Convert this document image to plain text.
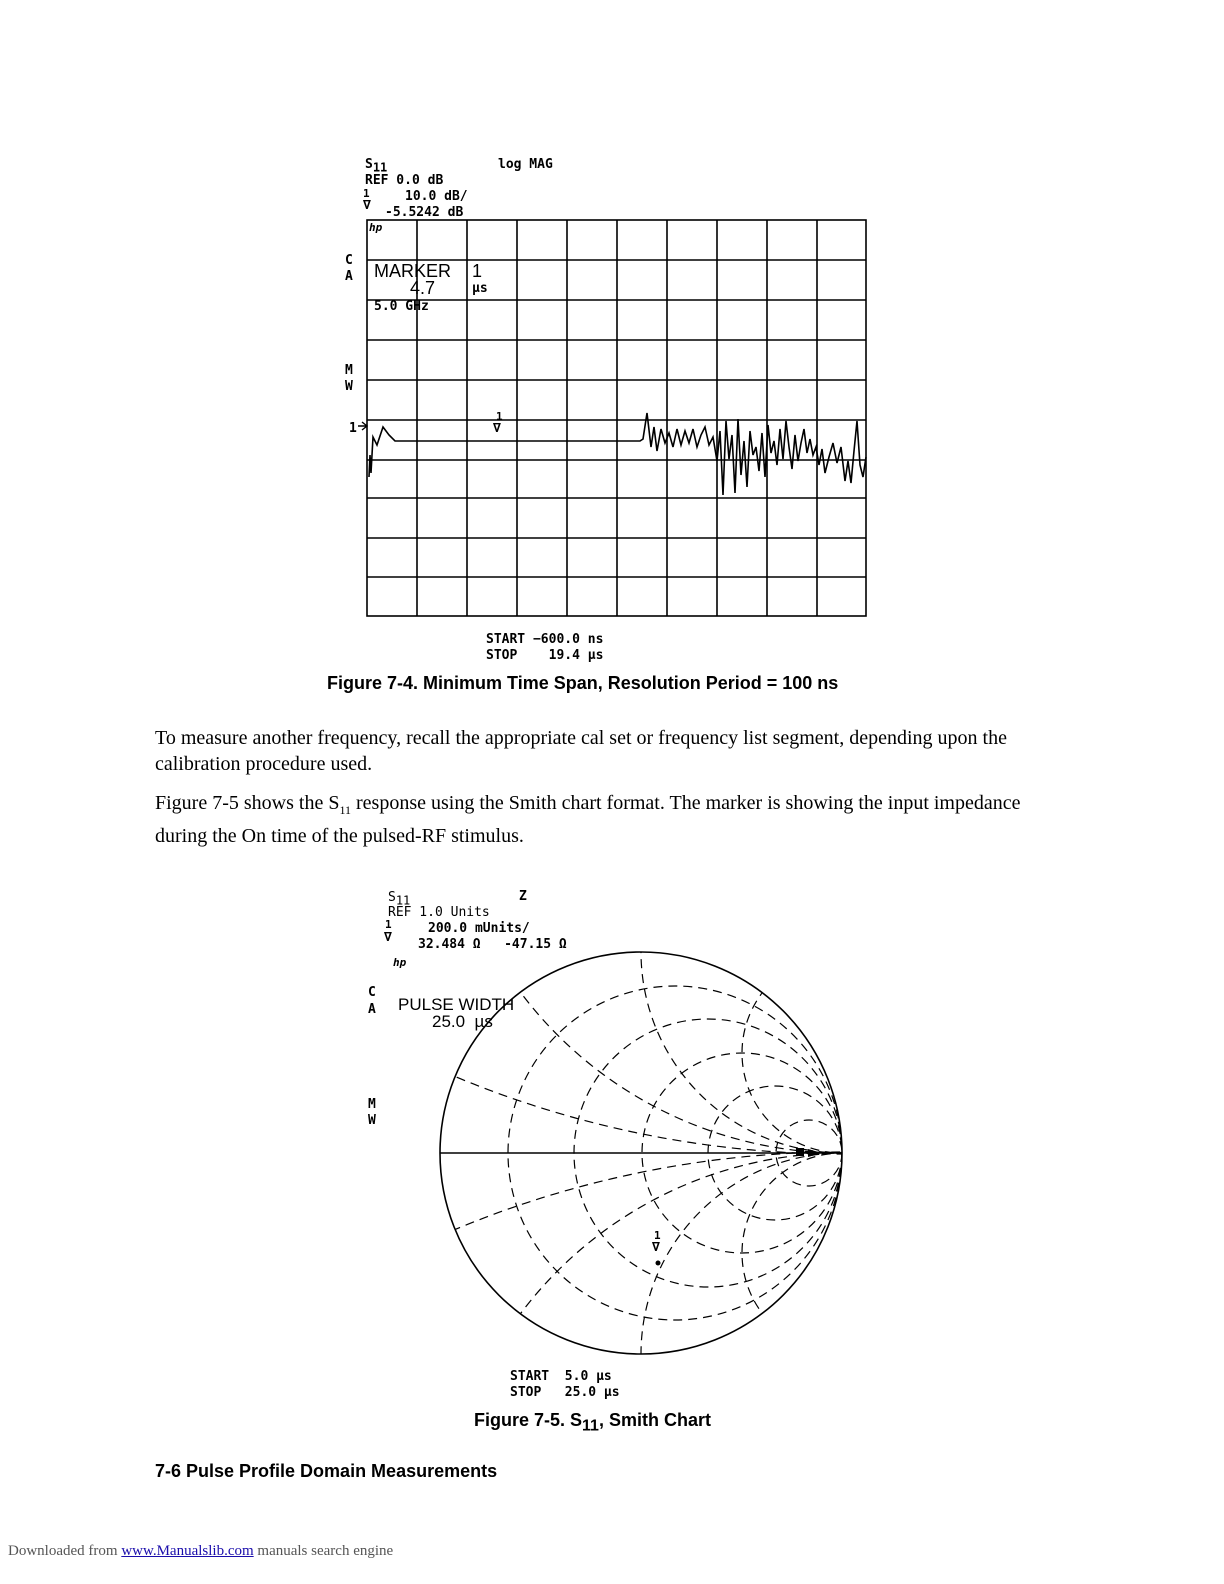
$S_{11}$	log MAG
REF 0.0 dB
1	10.0 dB/
∇ -5.5242 dB
C
A
M
W
1
hp
MARKER 1
4.7	µs
5.0 GHz
1
∇
START −600.0 ns
STOP    19.4 µs
Figure 7-4. Minimum Time Span, Resolution Period = 100 ns
To measure another frequency, recall the appropriate cal set or frequency list segment, depending upon the calibration procedure used.
Figure 7-5 shows the $S_{11}$ response using the Smith chart format. The marker is showing the input impedance during the On time of the pulsed-RF stimulus.
$S_{11}$	Z
REF 1.0 Units
1	200.0 mUnits/
∇ 32.484 Ω   -47.15 Ω
hp
C
A
M
W
PULSE WIDTH
25.0  µs
1
∇
START  5.0 µs
STOP   25.0 µs
Figure 7-5. $S_{11}$, Smith Chart
7-6 Pulse Profile Domain Measurements
Downloaded from www.Manualslib.com manuals search engine
